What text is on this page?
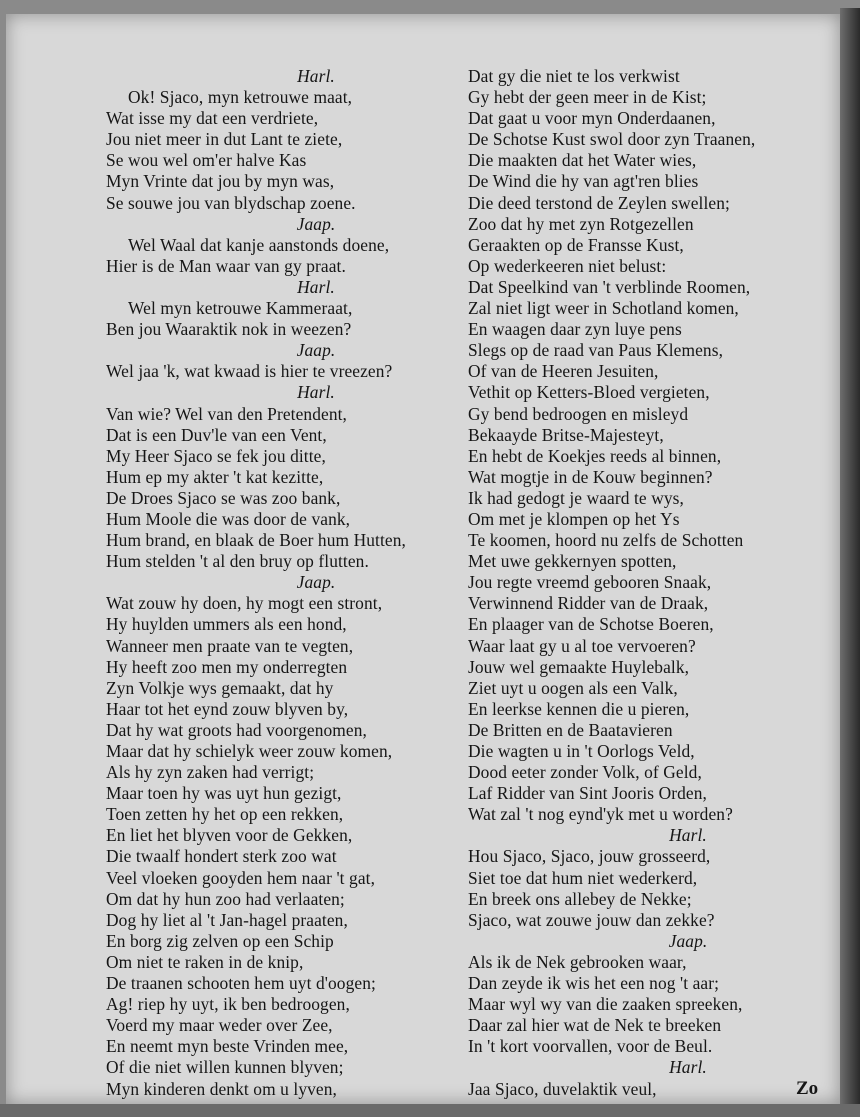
Harl.
Ok! Sjaco, myn ketrouwe maat,
Wat isse my dat een verdriete,
Jou niet meer in dut Lant te ziete,
Se wou wel om'er halve Kas
Myn Vrinte dat jou by myn was,
Se souwe jou van blydschap zoene.
Jaap.
Wel Waal dat kanje aanstonds doene,
Hier is de Man waar van gy praat.
Harl.
Wel myn ketrouwe Kammeraat,
Ben jou Waaraktik nok in weezen?
Jaap.
Wel jaa 'k, wat kwaad is hier te vreezen?
Harl.
Van wie? Wel van den Pretendent,
Dat is een Duv'le van een Vent,
My Heer Sjaco se fek jou ditte,
Hum ep my akter 't kat kezitte,
De Droes Sjaco se was zoo bank,
Hum Moole die was door de vank,
Hum brand, en blaak de Boer hum Hutten,
Hum stelden 't al den bruy op flutten.
Jaap.
Wat zouw hy doen, hy mogt een stront,
Hy huylden ummers als een hond,
Wanneer men praate van te vegten,
Hy heeft zoo men my onderregten
Zyn Volkje wys gemaakt, dat hy
Haar tot het eynd zouw blyven by,
Dat hy wat groots had voorgenomen,
Maar dat hy schielyk weer zouw komen,
Als hy zyn zaken had verrigt;
Maar toen hy was uyt hun gezigt,
Toen zetten hy het op een rekken,
En liet het blyven voor de Gekken,
Die twaalf hondert sterk zoo wat
Veel vloeken gooyden hem naar 't gat,
Om dat hy hun zoo had verlaaten;
Dog hy liet al 't Jan-hagel praaten,
En borg zig zelven op een Schip
Om niet te raken in de knip,
De traanen schooten hem uyt d'oogen;
Ag! riep hy uyt, ik ben bedroogen,
Voerd my maar weder over Zee,
En neemt myn beste Vrinden mee,
Of die niet willen kunnen blyven;
Myn kinderen denkt om u lyven,
Dat gy die niet te los verkwist
Gy hebt der geen meer in de Kist;
Dat gaat u voor myn Onderdaanen,
De Schotse Kust swol door zyn Traanen,
Die maakten dat het Water wies,
De Wind die hy van agt'ren blies
Die deed terstond de Zeylen swellen;
Zoo dat hy met zyn Rotgezellen
Geraakten op de Fransse Kust,
Op wederkeeren niet belust:
Dat Speelkind van 't verblinde Roomen,
Zal niet ligt weer in Schotland komen,
En waagen daar zyn luye pens
Slegs op de raad van Paus Klemens,
Of van de Heeren Jesuiten,
Vethit op Ketters-Bloed vergieten,
Gy bend bedroogen en misleyd
Bekaayde Britse-Majesteyt,
En hebt de Koekjes reeds al binnen,
Wat mogtje in de Kouw beginnen?
Ik had gedogt je waard te wys,
Om met je klompen op het Ys
Te koomen, hoord nu zelfs de Schotten
Met uwe gekkernyen spotten,
Jou regte vreemd gebooren Snaak,
Verwinnend Ridder van de Draak,
En plaager van de Schotse Boeren,
Waar laat gy u al toe vervoeren?
Jouw wel gemaakte Huylebalk,
Ziet uyt u oogen als een Valk,
En leerkse kennen die u pieren,
De Britten en de Baatavieren
Die wagten u in 't Oorlogs Veld,
Dood eeter zonder Volk, of Geld,
Laf Ridder van Sint Jooris Orden,
Wat zal 't nog eynd'yk met u worden?
Harl.
Hou Sjaco, Sjaco, jouw grosseerd,
Siet toe dat hum niet wederkerd,
En breek ons allebey de Nekke;
Sjaco, wat zouwe jouw dan zekke?
Jaap.
Als ik de Nek gebrooken waar,
Dan zeyde ik wis het een nog 't aar;
Maar wyl wy van die zaaken spreeken,
Daar zal hier wat de Nek te breeken
In 't kort voorvallen, voor de Beul.
Harl.
Jaa Sjaco, duvelaktik veul,	Zo
